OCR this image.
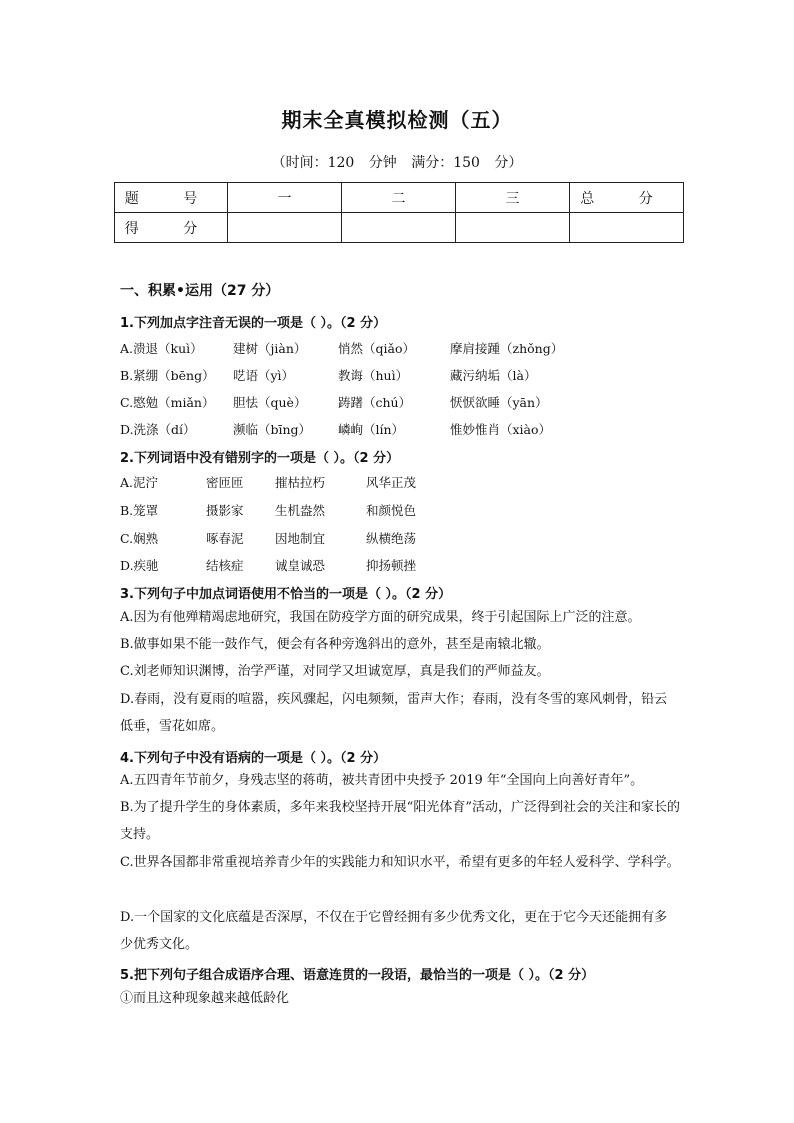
期末全真模拟检测（五）
（时间：120 分钟 满分：150 分）
题 号	一	二	三	总 分
得 分				
一、积累•运用（27 分）
1.下列加点字注音无误的一项是（ ）。（2 分）
A.溃退（kuì） 建树（jiàn）	悄然（qiǎo）	摩肩接踵（zhǒng）
B.紧绷（bēng） 呓语（yì）	教诲（huì）	藏污纳垢（là）
C.愍勉（miǎn） 胆怯（què）	踌躇（chú）	恹恹欲睡（yān）
D.洗涤（dí）	濒临（bīng） 嶙峋（lín）	惟妙惟肖（xiào）
2.下列词语中没有错别字的一项是（ ）。（2 分）
A.泥泞	密匝匝	摧枯拉朽	风华正茂
B.笼罩	摄影家	生机盎然	和颜悦色
C.娴熟	啄春泥	因地制宜	纵横绝荡
D.疾驰	结核症	诚皇诚恐	抑扬顿挫
3.下列句子中加点词语使用不恰当的一项是（ ）。（2 分）
A.因为有他殚精竭虑地研究，我国在防疫学方面的研究成果，终于引起国际上广泛的注意。
B.做事如果不能一鼓作气，便会有各种旁逸斜出的意外，甚至是南辕北辙。
C.刘老师知识渊博，治学严谨，对同学又坦诚宽厚，真是我们的严师益友。
D.春雨，没有夏雨的喧嚣，疾风骤起，闪电频频，雷声大作；春雨，没有冬雪的寒风刺骨，铅云低垂，雪花如席。
4.下列句子中没有语病的一项是（ ）。（2 分）
A.五四青年节前夕，身残志坚的蒋萌，被共青团中央授予 2019 年“全国向上向善好青年”。
B.为了提升学生的身体素质，多年来我校坚持开展“阳光体育”活动，广泛得到社会的关注和家长的支持。
C.世界各国都非常重视培养青少年的实践能力和知识水平，希望有更多的年轻人爱科学、学科学。
D.一个国家的文化底蕴是否深厚，不仅在于它曾经拥有多少优秀文化，更在于它今天还能拥有多少优秀文化。
5.把下列句子组合成语序合理、语意连贯的一段语，最恰当的一项是（ ）。（2 分）
①而且这种现象越来越低龄化
